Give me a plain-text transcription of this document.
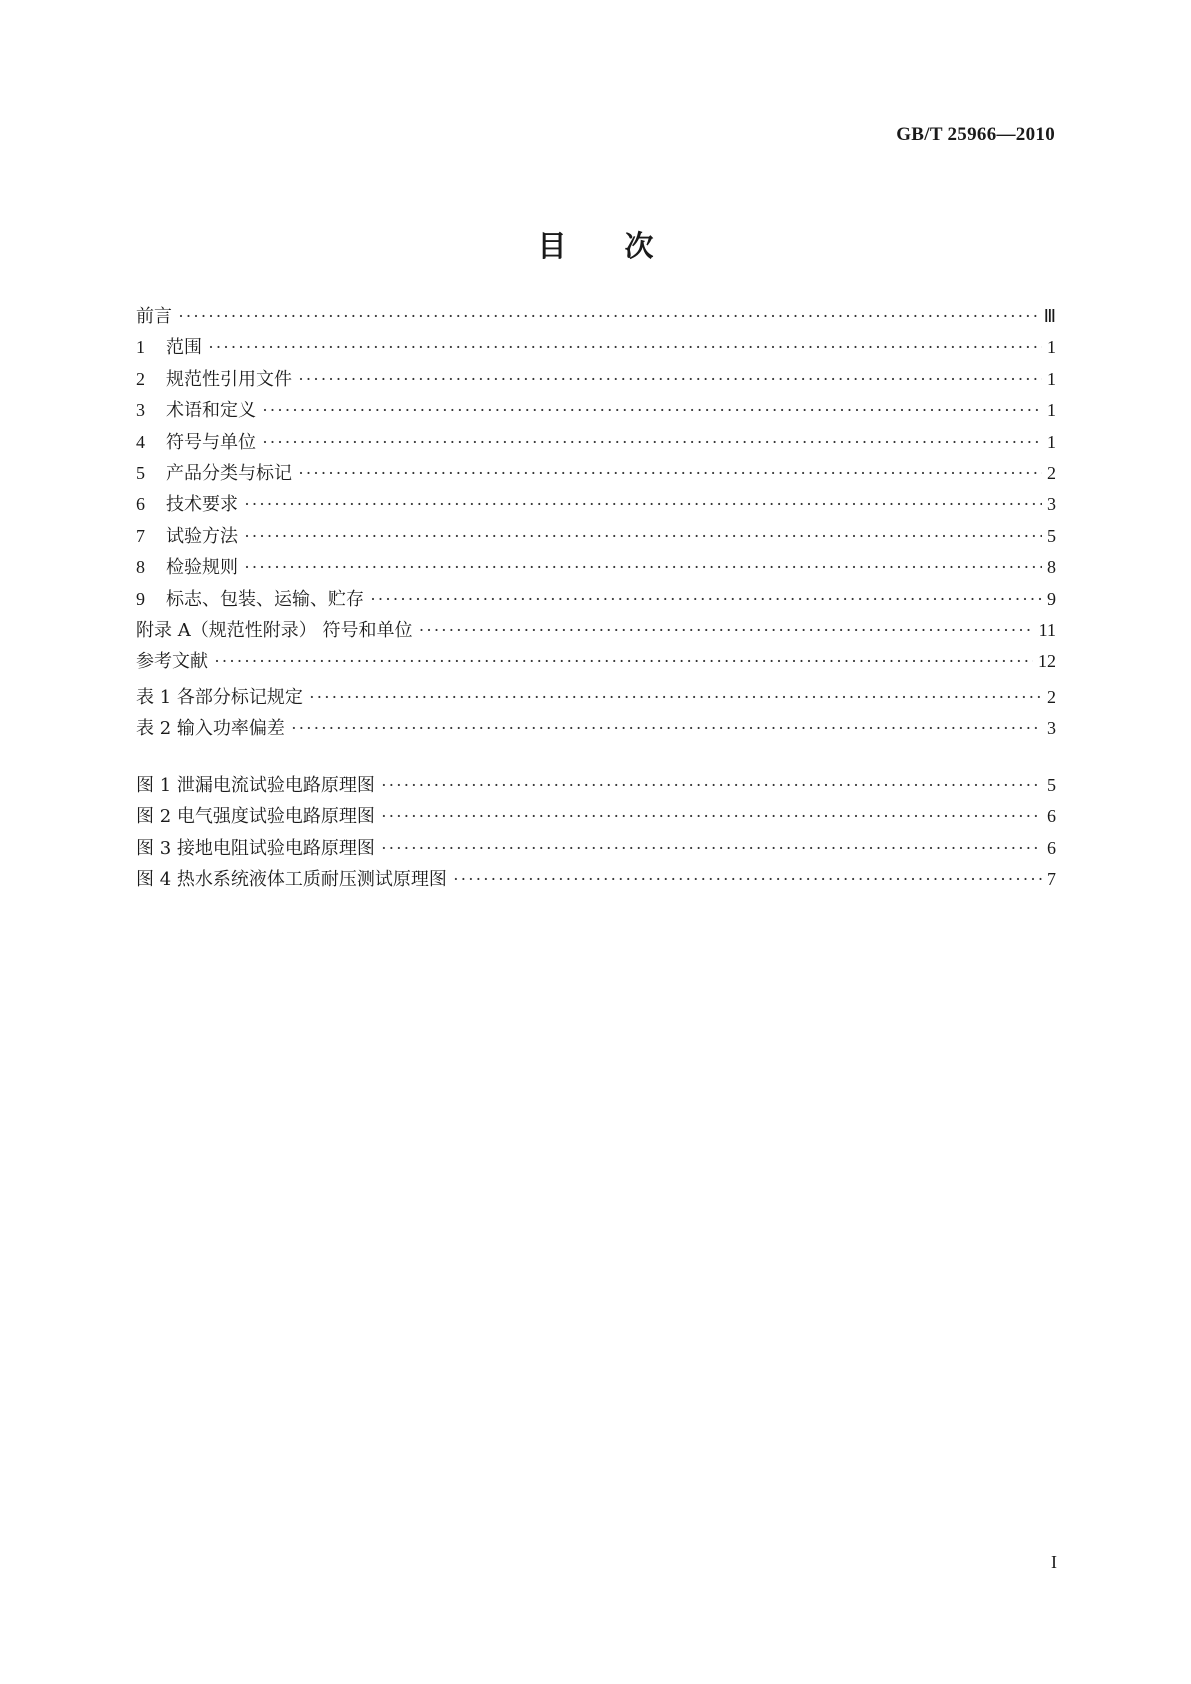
GB/T 25966—2010
目 次
前言 ·····	Ⅲ
1	范围 ·····	1
2	规范性引用文件 ·····	1
3	术语和定义 ·····	1
4	符号与单位 ·····	1
5	产品分类与标记 ·····	2
6	技术要求 ·····	3
7	试验方法 ·····	5
8	检验规则 ·····	8
9	标志、包装、运输、贮存 ·····	9
附录 A（规范性附录） 符号和单位 ·····	11
参考文献 ·····	12
表 1 各部分标记规定 ·····	2
表 2 输入功率偏差 ·····	3
图 1 泄漏电流试验电路原理图 ·····	5
图 2 电气强度试验电路原理图 ·····	6
图 3 接地电阻试验电路原理图 ·····	6
图 4 热水系统液体工质耐压测试原理图 ·····	7
I
